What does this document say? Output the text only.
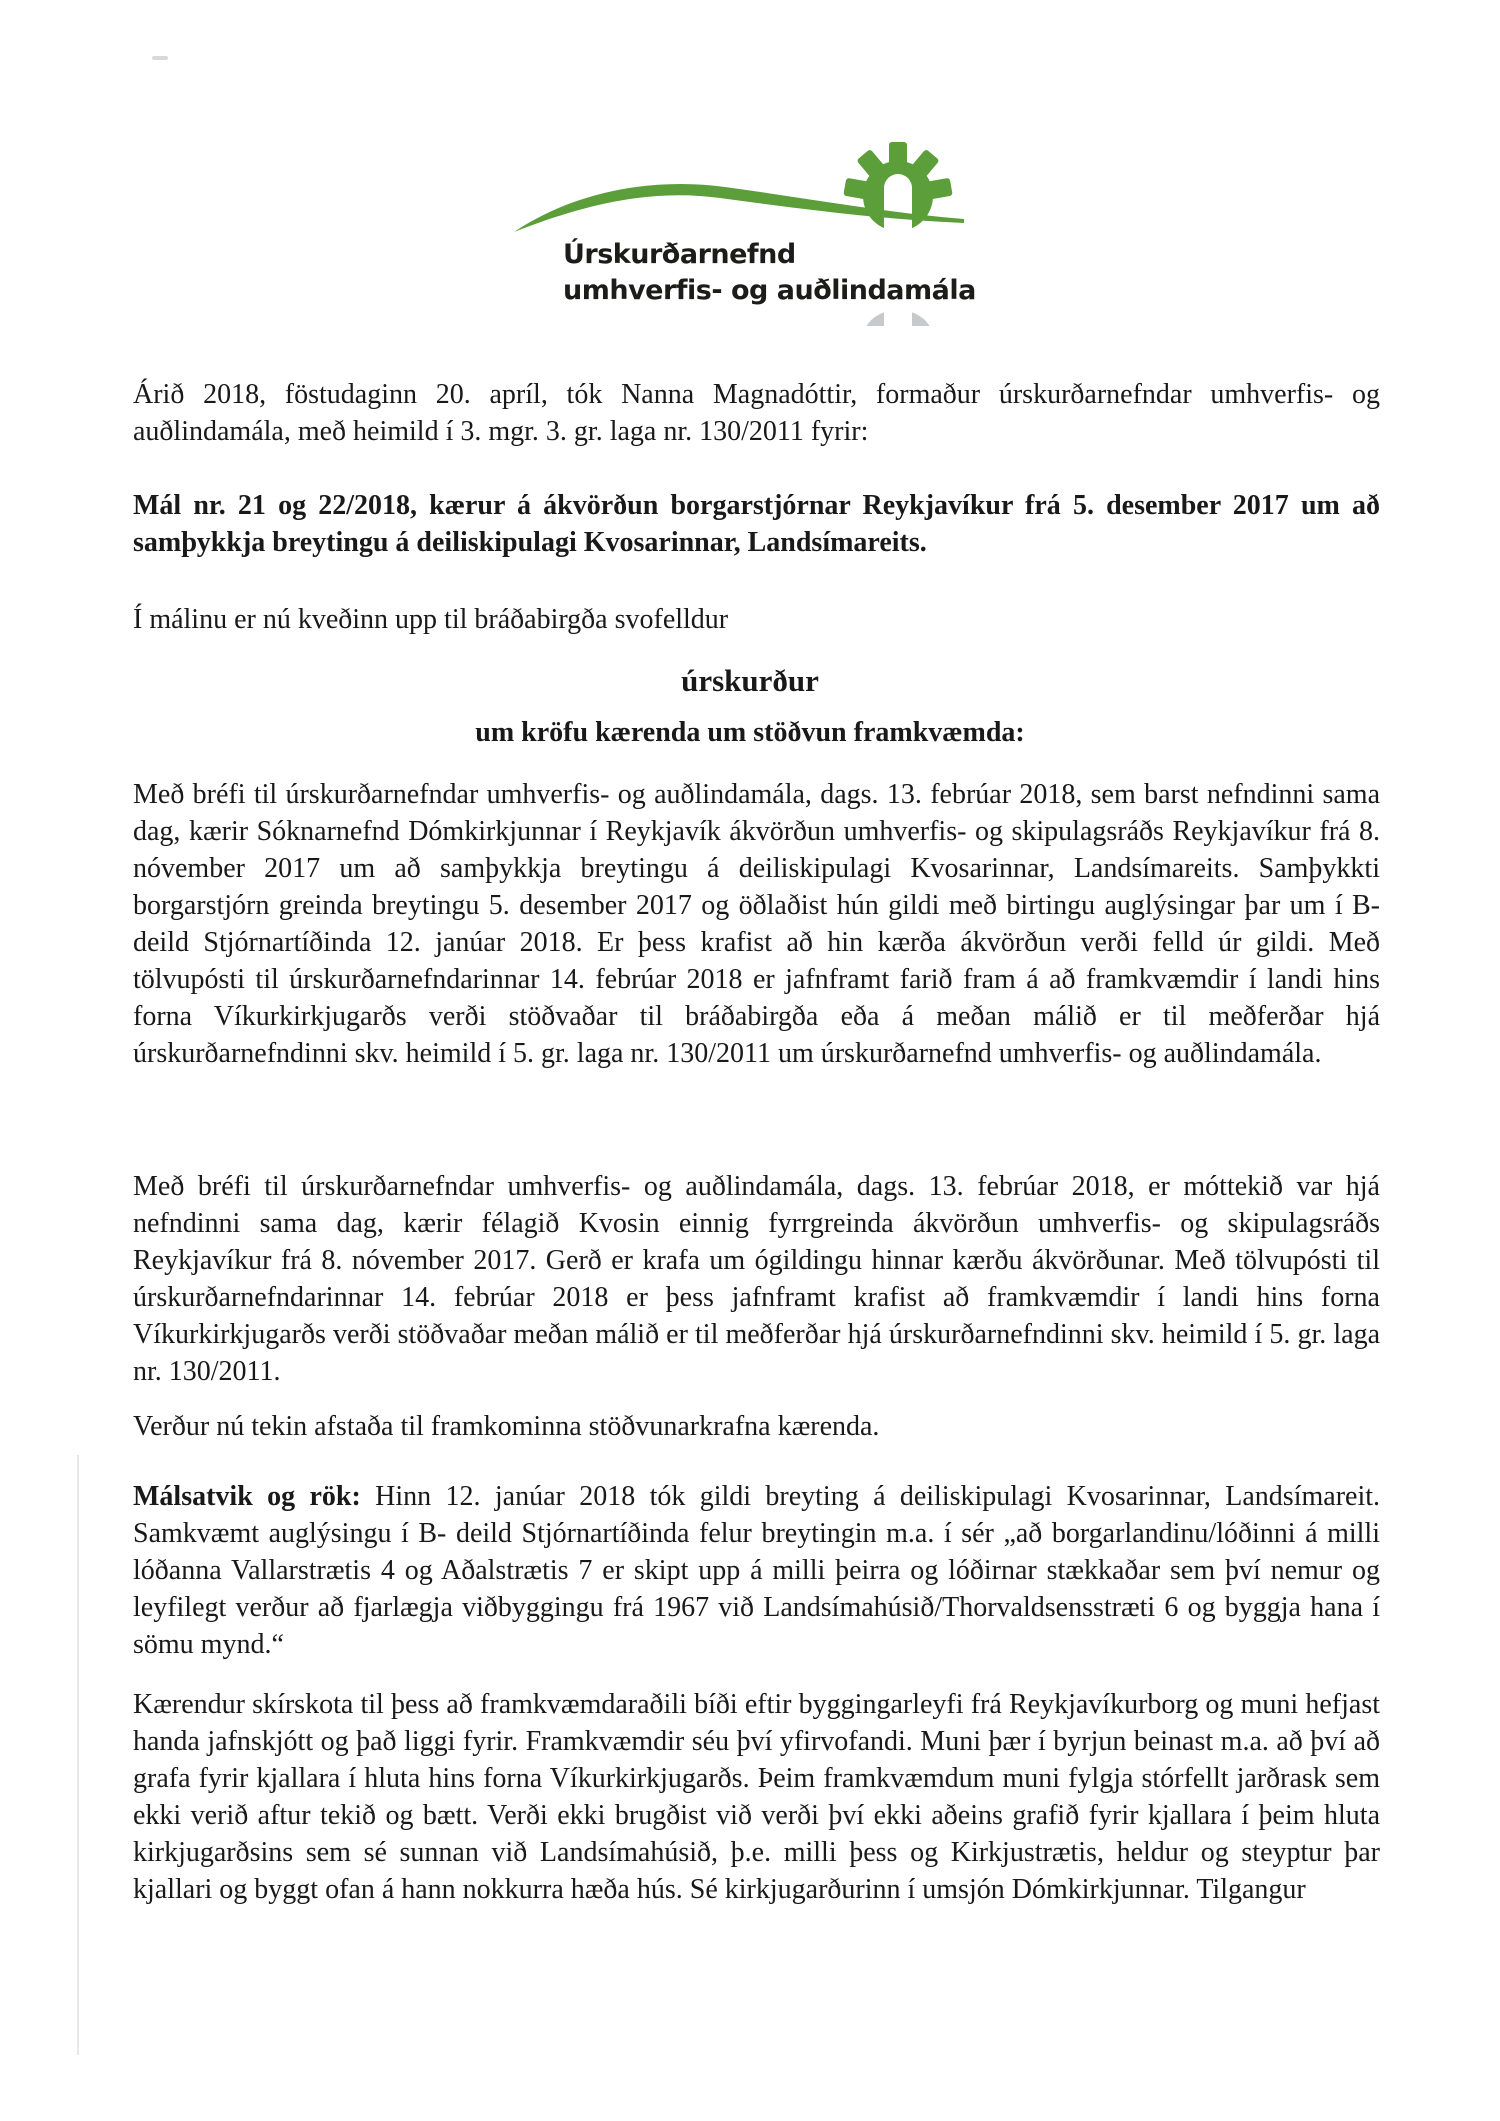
Úrskurðarnefnd
umhverfis- og auðlindamála

Árið 2018, föstudaginn 20. apríl, tók Nanna Magnadóttir, formaður úrskurðarnefndar umhverfis- og auðlindamála, með heimild í 3. mgr. 3. gr. laga nr. 130/2011 fyrir:

Mál nr. 21 og 22/2018, kærur á ákvörðun borgarstjórnar Reykjavíkur frá 5. desember 2017 um að samþykkja breytingu á deiliskipulagi Kvosarinnar, Landsímareits.

Í málinu er nú kveðinn upp til bráðabirgða svofelldur

úrskurður

um kröfu kærenda um stöðvun framkvæmda:

Með bréfi til úrskurðarnefndar umhverfis- og auðlindamála, dags. 13. febrúar 2018, sem barst nefndinni sama dag, kærir Sóknarnefnd Dómkirkjunnar í Reykjavík ákvörðun umhverfis- og skipulagsráðs Reykjavíkur frá 8. nóvember 2017 um að samþykkja breytingu á deiliskipulagi Kvosarinnar, Landsímareits. Samþykkti borgarstjórn greinda breytingu 5. desember 2017 og öðlaðist hún gildi með birtingu auglýsingar þar um í B-deild Stjórnartíðinda 12. janúar 2018. Er þess krafist að hin kærða ákvörðun verði felld úr gildi. Með tölvupósti til úrskurðarnefndarinnar 14. febrúar 2018 er jafnframt farið fram á að framkvæmdir í landi hins forna Víkurkirkjugarðs verði stöðvaðar til bráðabirgða eða á meðan málið er til meðferðar hjá úrskurðarnefndinni skv. heimild í 5. gr. laga nr. 130/2011 um úrskurðarnefnd umhverfis- og auðlindamála.

Með bréfi til úrskurðarnefndar umhverfis- og auðlindamála, dags. 13. febrúar 2018, er móttekið var hjá nefndinni sama dag, kærir félagið Kvosin einnig fyrrgreinda ákvörðun umhverfis- og skipulagsráðs Reykjavíkur frá 8. nóvember 2017. Gerð er krafa um ógildingu hinnar kærðu ákvörðunar. Með tölvupósti til úrskurðarnefndarinnar 14. febrúar 2018 er þess jafnframt krafist að framkvæmdir í landi hins forna Víkurkirkjugarðs verði stöðvaðar meðan málið er til meðferðar hjá úrskurðarnefndinni skv. heimild í 5. gr. laga nr. 130/2011.

Verður nú tekin afstaða til framkominna stöðvunarkrafna kærenda.

Málsatvik og rök: Hinn 12. janúar 2018 tók gildi breyting á deiliskipulagi Kvosarinnar, Landsímareit. Samkvæmt auglýsingu í B- deild Stjórnartíðinda felur breytingin m.a. í sér „að borgarlandinu/lóðinni á milli lóðanna Vallarstrætis 4 og Aðalstrætis 7 er skipt upp á milli þeirra og lóðirnar stækkaðar sem því nemur og leyfilegt verður að fjarlægja viðbyggingu frá 1967 við Landsímahúsið/Thorvaldsensstræti 6 og byggja hana í sömu mynd.“

Kærendur skírskota til þess að framkvæmdaraðili bíði eftir byggingarleyfi frá Reykjavíkurborg og muni hefjast handa jafnskjótt og það liggi fyrir. Framkvæmdir séu því yfirvofandi. Muni þær í byrjun beinast m.a. að því að grafa fyrir kjallara í hluta hins forna Víkurkirkjugarðs. Þeim framkvæmdum muni fylgja stórfellt jarðrask sem ekki verið aftur tekið og bætt. Verði ekki brugðist við verði því ekki aðeins grafið fyrir kjallara í þeim hluta kirkjugarðsins sem sé sunnan við Landsímahúsið, þ.e. milli þess og Kirkjustrætis, heldur og steyptur þar kjallari og byggt ofan á hann nokkurra hæða hús. Sé kirkjugarðurinn í umsjón Dómkirkjunnar. Tilgangur
